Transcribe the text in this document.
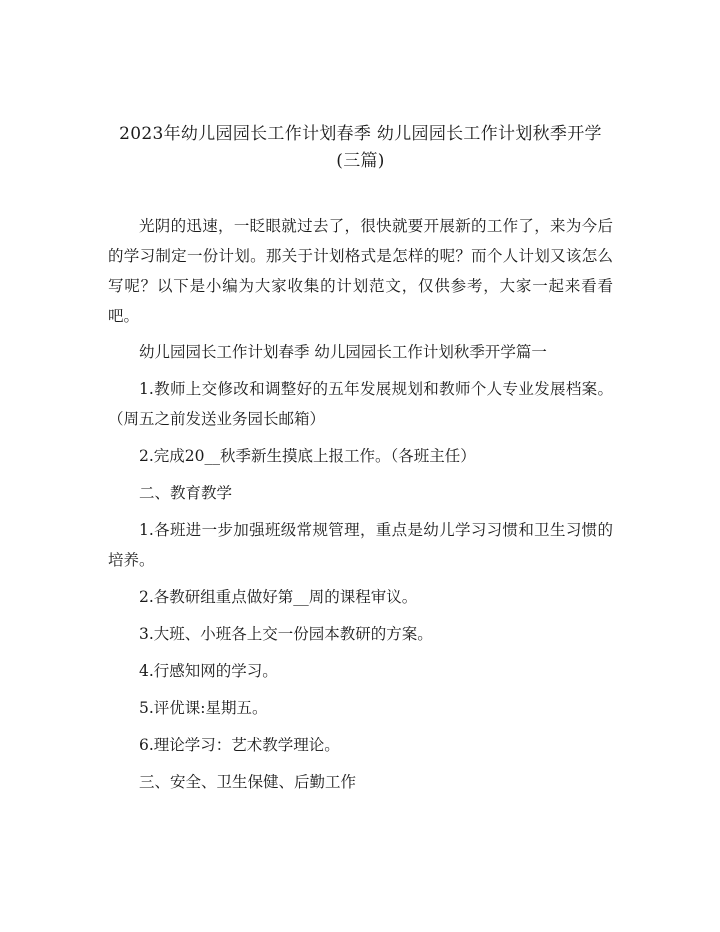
2023年幼儿园园长工作计划春季 幼儿园园长工作计划秋季开学(三篇)

光阴的迅速，一眨眼就过去了，很快就要开展新的工作了，来为今后的学习制定一份计划。那关于计划格式是怎样的呢？而个人计划又该怎么写呢？以下是小编为大家收集的计划范文，仅供参考，大家一起来看看吧。

幼儿园园长工作计划春季 幼儿园园长工作计划秋季开学篇一

1.教师上交修改和调整好的五年发展规划和教师个人专业发展档案。（周五之前发送业务园长邮箱）

2.完成20__秋季新生摸底上报工作。（各班主任）

二、教育教学

1.各班进一步加强班级常规管理，重点是幼儿学习习惯和卫生习惯的培养。

2.各教研组重点做好第__周的课程审议。

3.大班、小班各上交一份园本教研的方案。

4.行感知网的学习。

5.评优课:星期五。

6.理论学习：艺术教学理论。

三、安全、卫生保健、后勤工作
